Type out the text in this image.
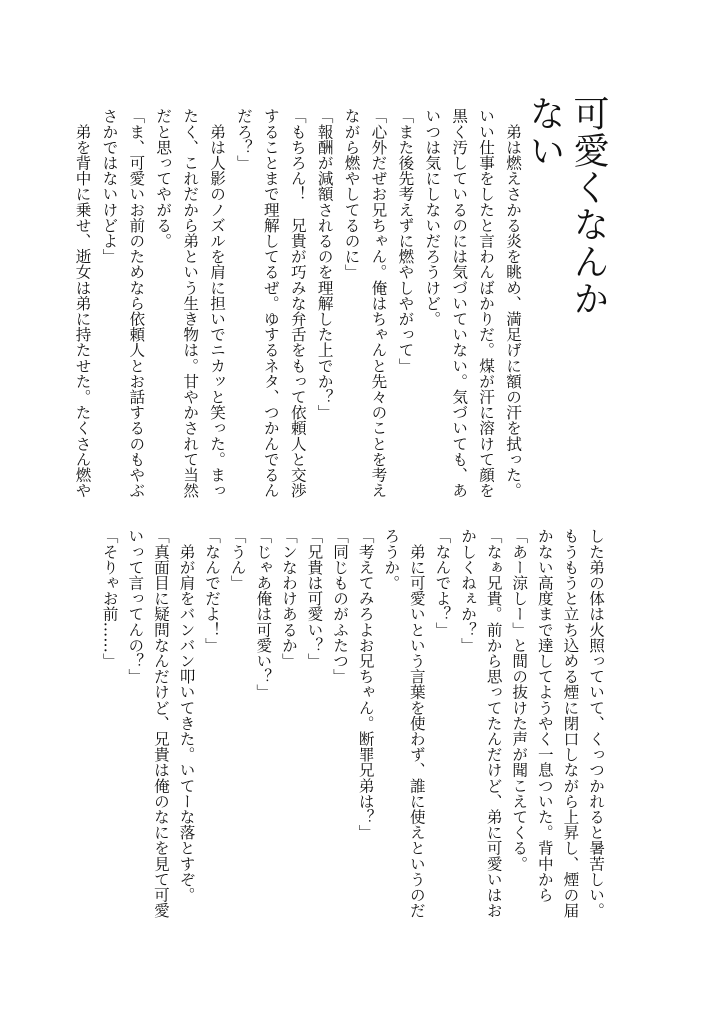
可愛くなんかない
　弟は燃えさかる炎を眺め、満足げに額の汗を拭った。
いい仕事をしたと言わんばかりだ。煤が汗に溶けて顔を
黒く汚しているのには気づいていない。気づいても、あ
いつは気にしないだろうけど。
「また後先考えずに燃やしやがって」
「心外だぜお兄ちゃん。俺はちゃんと先々のことを考え
ながら燃やしてるのに」
「報酬が減額されるのを理解した上でか？」
「もちろん！　兄貴が巧みな弁舌をもって依頼人と交渉
することまで理解してるぜ。ゆするネタ、つかんでるん
だろ？」
　弟は人影のノズルを肩に担いでニカッと笑った。まっ
たく、これだから弟という生き物は。甘やかされて当然
だと思ってやがる。
「ま、可愛いお前のためなら依頼人とお話するのもやぶ
さかではないけどよ」
　弟を背中に乗せ、逝女は弟に持たせた。たくさん燃や
した弟の体は火照っていて、くっつかれると暑苦しい。
もうもうと立ち込める煙に閉口しながら上昇し、煙の届
かない高度まで達してようやく一息ついた。背中から
「あー涼しー」と間の抜けた声が聞こえてくる。
「なぁ兄貴。前から思ってたんだけど、弟に可愛いはお
かしくねぇか？」
「なんでよ？」
　弟に可愛いという言葉を使わず、誰に使えというのだ
ろうか。
「考えてみろよお兄ちゃん。断罪兄弟は？」
「同じものがふたつ」
「兄貴は可愛い？」
「ンなわけあるか」
「じゃあ俺は可愛い？」
「うん」
「なんでだよ！」
　弟が肩をバンバン叩いてきた。いてーな落とすぞ。
「真面目に疑問なんだけど、兄貴は俺のなにを見て可愛
いって言ってんの？」
「そりゃお前……」
